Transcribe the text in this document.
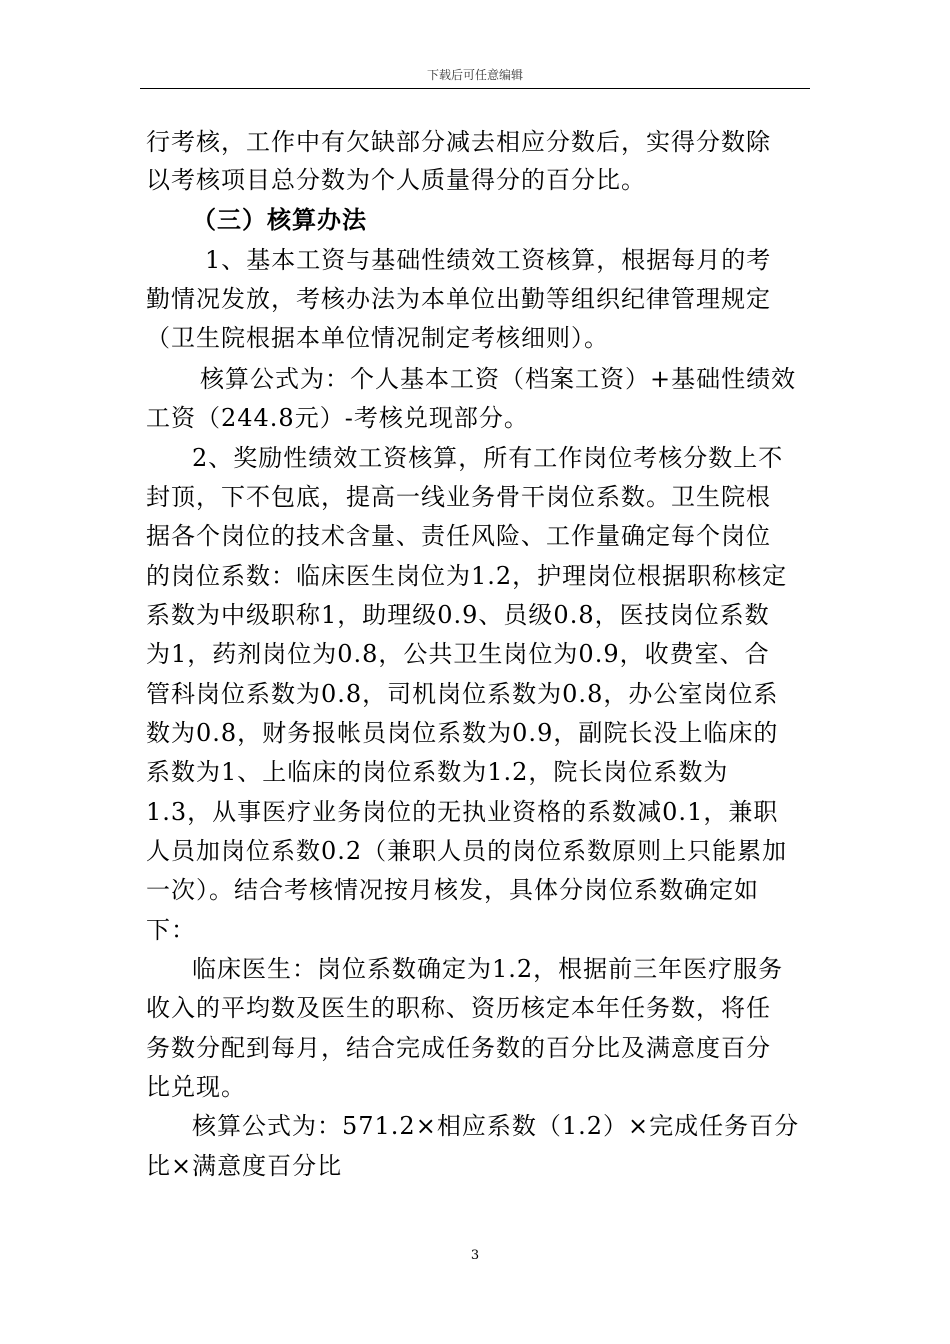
下载后可任意编辑
行考核，工作中有欠缺部分减去相应分数后，实得分数除
以考核项目总分数为个人质量得分的百分比。
（三）核算办法
1、基本工资与基础性绩效工资核算，根据每月的考
勤情况发放，考核办法为本单位出勤等组织纪律管理规定
（卫生院根据本单位情况制定考核细则）。
核算公式为：个人基本工资（档案工资）+基础性绩效
工资（244.8元）-考核兑现部分。
2、奖励性绩效工资核算，所有工作岗位考核分数上不
封顶，下不包底，提高一线业务骨干岗位系数。卫生院根
据各个岗位的技术含量、责任风险、工作量确定每个岗位
的岗位系数：临床医生岗位为1.2，护理岗位根据职称核定
系数为中级职称1，助理级0.9、员级0.8，医技岗位系数
为1，药剂岗位为0.8，公共卫生岗位为0.9，收费室、合
管科岗位系数为0.8，司机岗位系数为0.8，办公室岗位系
数为0.8，财务报帐员岗位系数为0.9，副院长没上临床的
系数为1、上临床的岗位系数为1.2，院长岗位系数为
1.3，从事医疗业务岗位的无执业资格的系数减0.1，兼职
人员加岗位系数0.2（兼职人员的岗位系数原则上只能累加
一次）。结合考核情况按月核发，具体分岗位系数确定如
下：
临床医生：岗位系数确定为1.2，根据前三年医疗服务
收入的平均数及医生的职称、资历核定本年任务数，将任
务数分配到每月，结合完成任务数的百分比及满意度百分
比兑现。
核算公式为：571.2×相应系数（1.2）×完成任务百分
比×满意度百分比
3
